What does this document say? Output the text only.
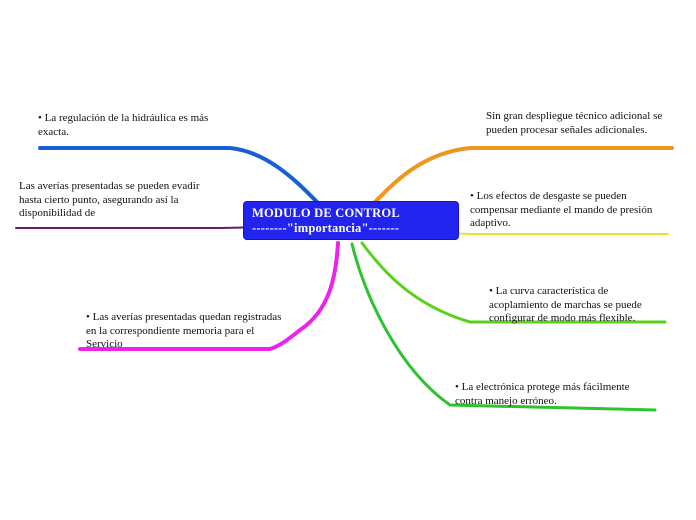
MODULO DE CONTROL
--------"importancia"-------
• La regulación de la hidráulica es más exacta.
Las averías presentadas se pueden evadir hasta cierto punto, asegurando así la disponibilidad de
• Las averías presentadas quedan registradas en la correspondiente memoria para el Servicio
Sin gran despliegue técnico adicional se pueden procesar señales adicionales.
• Los efectos de desgaste se pueden compensar mediante el mando de presión adaptivo.
• La curva característica de acoplamiento de marchas se puede configurar de modo más flexible.
• La electrónica protege más fácilmente contra manejo erróneo.
